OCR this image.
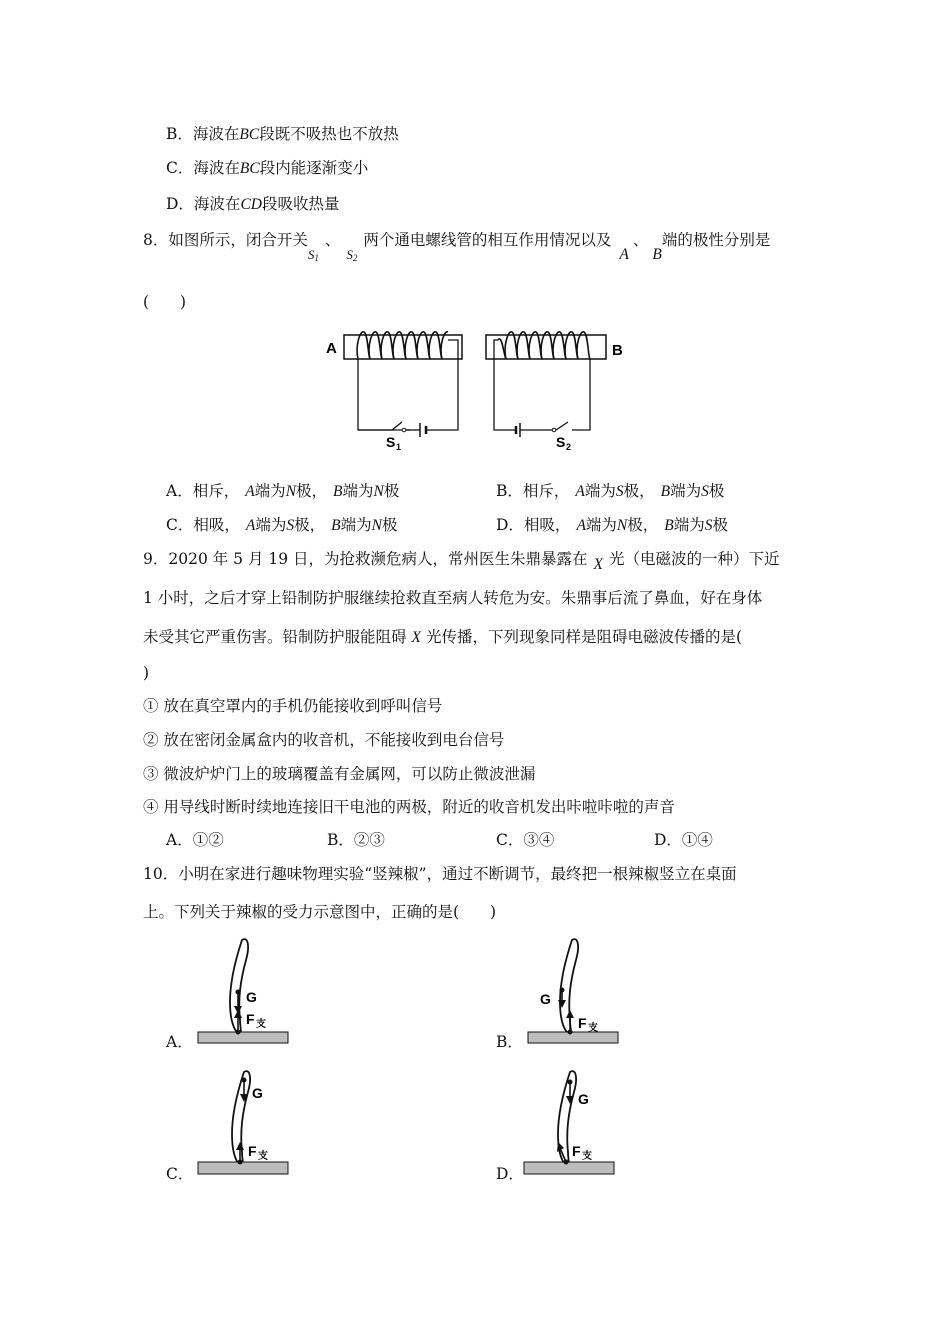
B．海波在BC段既不吸热也不放热
C．海波在BC段内能逐渐变小
D．海波在CD段吸收热量
8．如图所示，闭合开关$_{S1}$、$_{S2}$两个通电螺线管的相互作用情况以及A、B端的极性分别是
(　　)
A
S 1
B
S 2
A．相斥， A端为N极， B端为N极	B．相斥， A端为S极， B端为S极
C．相吸， A端为S极， B端为N极	D．相吸， A端为N极， B端为S极
9．2020 年 5 月 19 日，为抢救濒危病人，常州医生朱鼎暴露在 X 光（电磁波的一种）下近
1 小时，之后才穿上铅制防护服继续抢救直至病人转危为安。朱鼎事后流了鼻血，好在身体
未受其它严重伤害。铅制防护服能阻碍 X 光传播，下列现象同样是阻碍电磁波传播的是(
)
① 放在真空罩内的手机仍能接收到呼叫信号
② 放在密闭金属盒内的收音机，不能接收到电台信号
③ 微波炉炉门上的玻璃覆盖有金属网，可以防止微波泄漏
④ 用导线时断时续地连接旧干电池的两极，附近的收音机发出咔啦咔啦的声音
A．①②	B．②③	C．③④	D．①④
10．小明在家进行趣味物理实验“竖辣椒”，通过不断调节，最终把一根辣椒竖立在桌面
上。下列关于辣椒的受力示意图中，正确的是(　　)
A．
G
F 支
B．
G
F 支
C．
G
F 支
D．
G
F 支
